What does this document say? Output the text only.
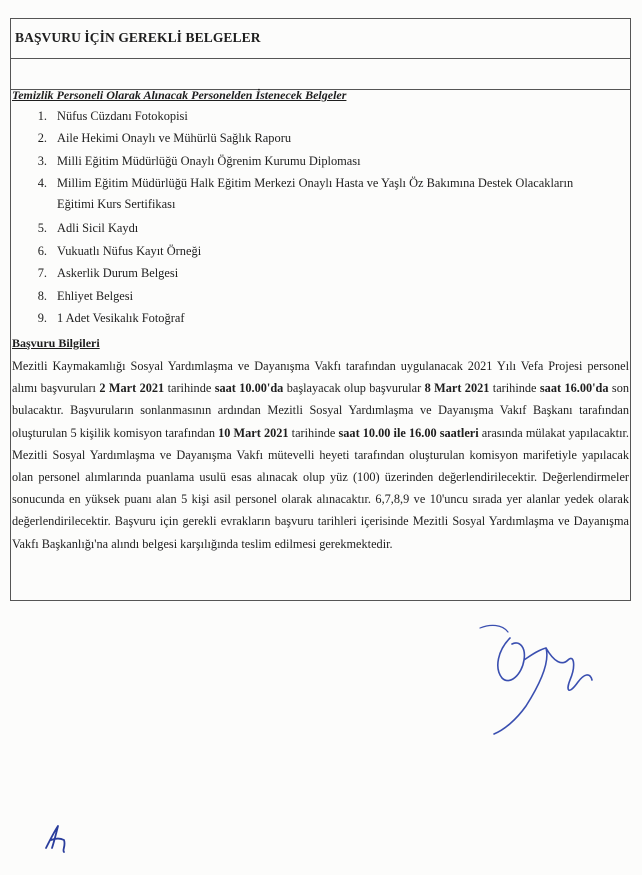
BAŞVURU İÇİN GEREKLİ BELGELER
Temizlik Personeli Olarak Alınacak Personelden İstenecek Belgeler
1. Nüfus Cüzdanı Fotokopisi
2. Aile Hekimi Onaylı ve Mühürlü Sağlık Raporu
3. Milli Eğitim Müdürlüğü Onaylı Öğrenim Kurumu Diploması
4. Millim Eğitim Müdürlüğü Halk Eğitim Merkezi Onaylı Hasta ve Yaşlı Öz Bakımına Destek Olacakların
Eğitimi Kurs Sertifikası
5. Adli Sicil Kaydı
6. Vukuatlı Nüfus Kayıt Örneği
7. Askerlik Durum Belgesi
8. Ehliyet Belgesi
9. 1 Adet Vesikalık Fotoğraf
Başvuru Bilgileri

Mezitli Kaymakamlığı Sosyal Yardımlaşma ve Dayanışma Vakfı tarafından uygulanacak 2021 Yılı Vefa Projesi personel alımı başvuruları 2 Mart 2021 tarihinde saat 10.00'da başlayacak olup başvurular 8 Mart 2021 tarihinde saat 16.00'da son bulacaktır. Başvuruların sonlanmasının ardından Mezitli Sosyal Yardımlaşma ve Dayanışma Vakıf Başkanı tarafından oluşturulan 5 kişilik komisyon tarafından 10 Mart 2021 tarihinde saat 10.00 ile 16.00 saatleri arasında mülakat yapılacaktır. Mezitli Sosyal Yardımlaşma ve Dayanışma Vakfı mütevelli heyeti tarafından oluşturulan komisyon marifetiyle yapılacak olan personel alımlarında puanlama usulü esas alınacak olup yüz (100) üzerinden değerlendirilecektir. Değerlendirmeler sonucunda en yüksek puanı alan 5 kişi asil personel olarak alınacaktır. 6,7,8,9 ve 10'uncu sırada yer alanlar yedek olarak değerlendirilecektir. Başvuru için gerekli evrakların başvuru tarihleri içerisinde Mezitli Sosyal Yardımlaşma ve Dayanışma Vakfı Başkanlığı'na alındı belgesi karşılığında teslim edilmesi gerekmektedir.
